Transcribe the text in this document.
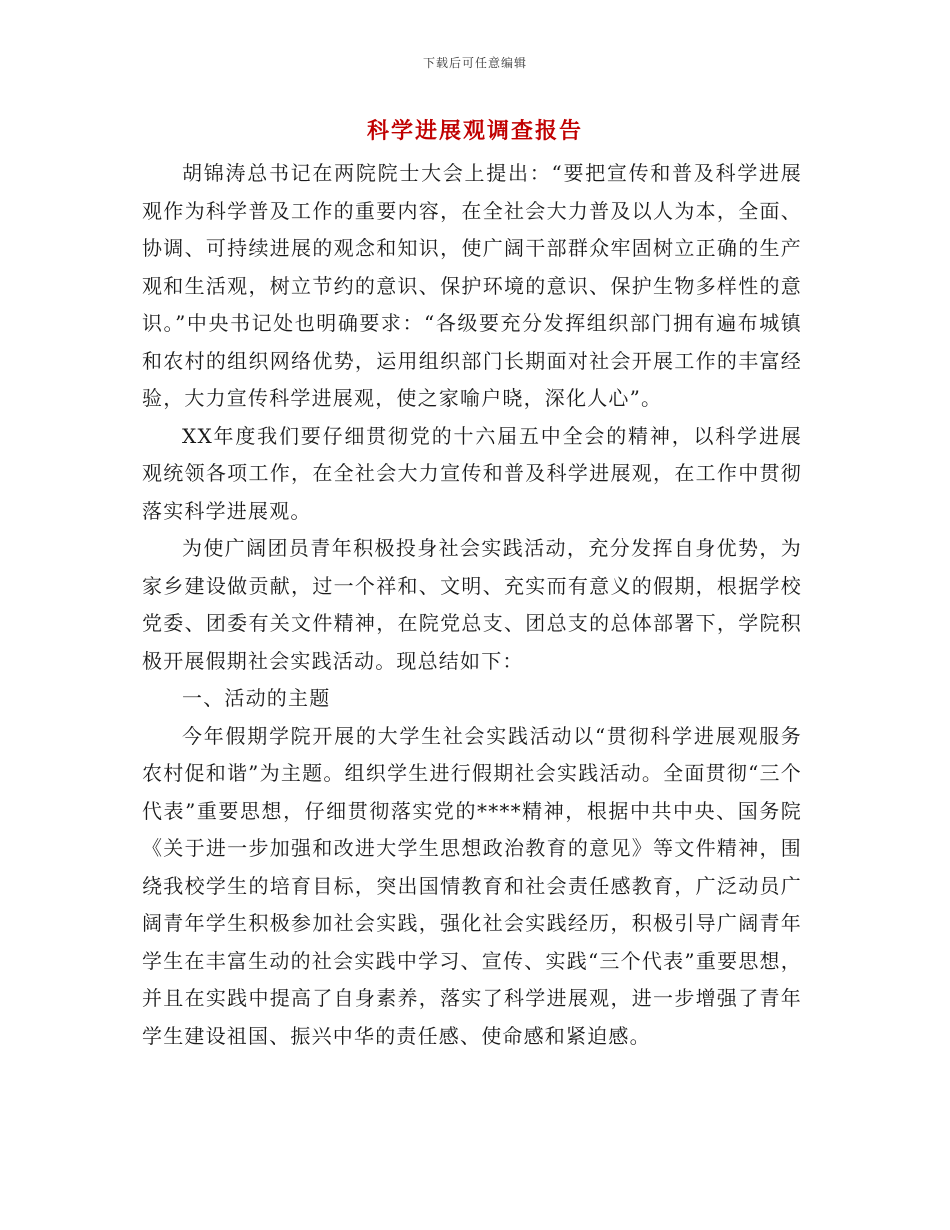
下载后可任意编辑
科学进展观调查报告

胡锦涛总书记在两院院士大会上提出：“要把宣传和普及科学进展观作为科学普及工作的重要内容，在全社会大力普及以人为本，全面、协调、可持续进展的观念和知识，使广阔干部群众牢固树立正确的生产观和生活观，树立节约的意识、保护环境的意识、保护生物多样性的意识。”中央书记处也明确要求：“各级要充分发挥组织部门拥有遍布城镇和农村的组织网络优势，运用组织部门长期面对社会开展工作的丰富经验，大力宣传科学进展观，使之家喻户晓，深化人心”。

XX年度我们要仔细贯彻党的十六届五中全会的精神，以科学进展观统领各项工作，在全社会大力宣传和普及科学进展观，在工作中贯彻落实科学进展观。

为使广阔团员青年积极投身社会实践活动，充分发挥自身优势，为家乡建设做贡献，过一个祥和、文明、充实而有意义的假期，根据学校党委、团委有关文件精神，在院党总支、团总支的总体部署下，学院积极开展假期社会实践活动。现总结如下：

一、活动的主题

今年假期学院开展的大学生社会实践活动以“贯彻科学进展观服务农村促和谐”为主题。组织学生进行假期社会实践活动。全面贯彻“三个代表”重要思想，仔细贯彻落实党的****精神，根据中共中央、国务院《关于进一步加强和改进大学生思想政治教育的意见》等文件精神，围绕我校学生的培育目标，突出国情教育和社会责任感教育，广泛动员广阔青年学生积极参加社会实践，强化社会实践经历，积极引导广阔青年学生在丰富生动的社会实践中学习、宣传、实践“三个代表”重要思想，并且在实践中提高了自身素养，落实了科学进展观，进一步增强了青年学生建设祖国、振兴中华的责任感、使命感和紧迫感。
